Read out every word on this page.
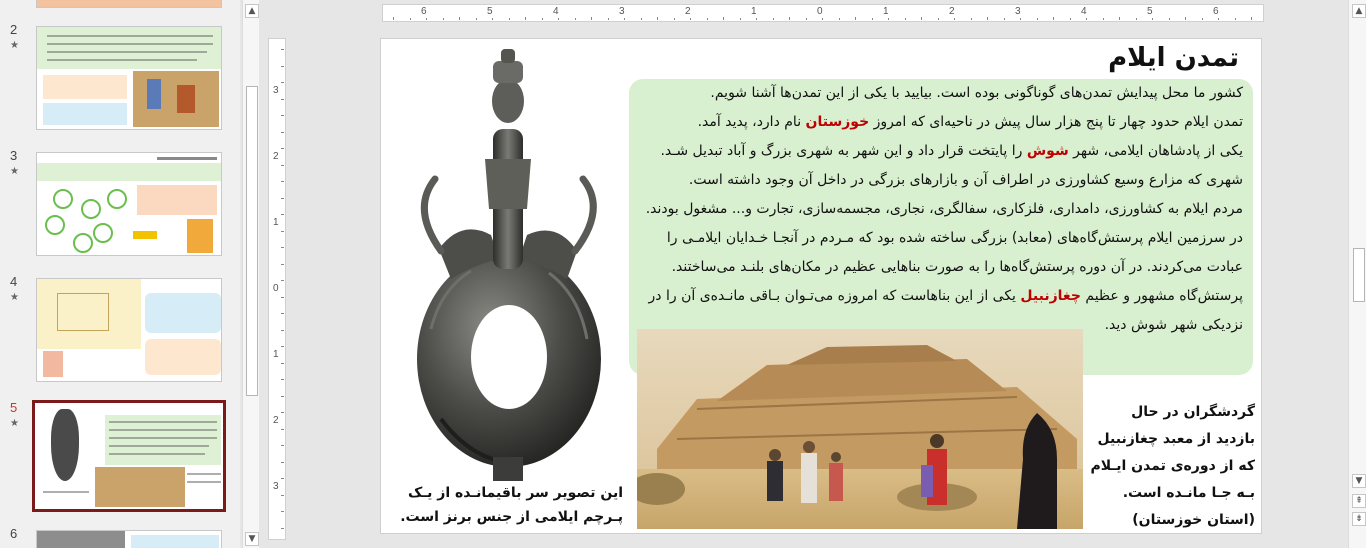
2
★
3
★
4
★
5
★
6
▲
▼
6	5	4	3	2	1	0	1	2	3	4	5	6
3
2
1
0
1
2
3	این تصویر سر باقیمانـده از یـک پـرچم ایلامی از جنس برنز است.
تمدن ایلام
کشور ما محل پیدایش تمدن‌های گوناگونی بوده است. بیایید با یکی از این تمدن‌ها آشنا شویم.
تمدن ایلام حدود چهار تا پنج هزار سال پیش در ناحیه‌ای که امروز خوزستان نام دارد، پدید آمد.
یکی از پادشاهان ایلامی، شهر شوش را پایتخت قرار داد و این شهر به شهری بزرگ و آباد تبدیل شـد.
شهری که مزارع وسیع کشاورزی در اطراف آن و بازارهای بزرگی در داخل آن وجود داشته است.
مردم ایلام به کشاورزی، دامداری، فلزکاری، سفالگری، نجاری، مجسمه‌سازی، تجارت و... مشغول بودند.
در سرزمین ایلام پرستش‌گاه‌های (معابد) بزرگی ساخته شده بود که مـردم در آنجـا خـدایان ایلامـی را
عبادت می‌کردند. در آن دوره پرستش‌گاه‌ها را به صورت بناهایی عظیم در مکان‌های بلنـد می‌ساختند.
پرستش‌گاه مشهور و عظیم چغازنبیل یکی از این بناهاست که امروزه می‌تـوان بـاقی مانـده‌ی آن را در
نزدیکی شهر شوش دید.
گردشگران در حال بازدید از معبد چغازنبیل که از دوره‌ی تمدن ایـلام بـه جـا مانـده است. (استان خوزستان)
▲
▼
⇞
⇟
